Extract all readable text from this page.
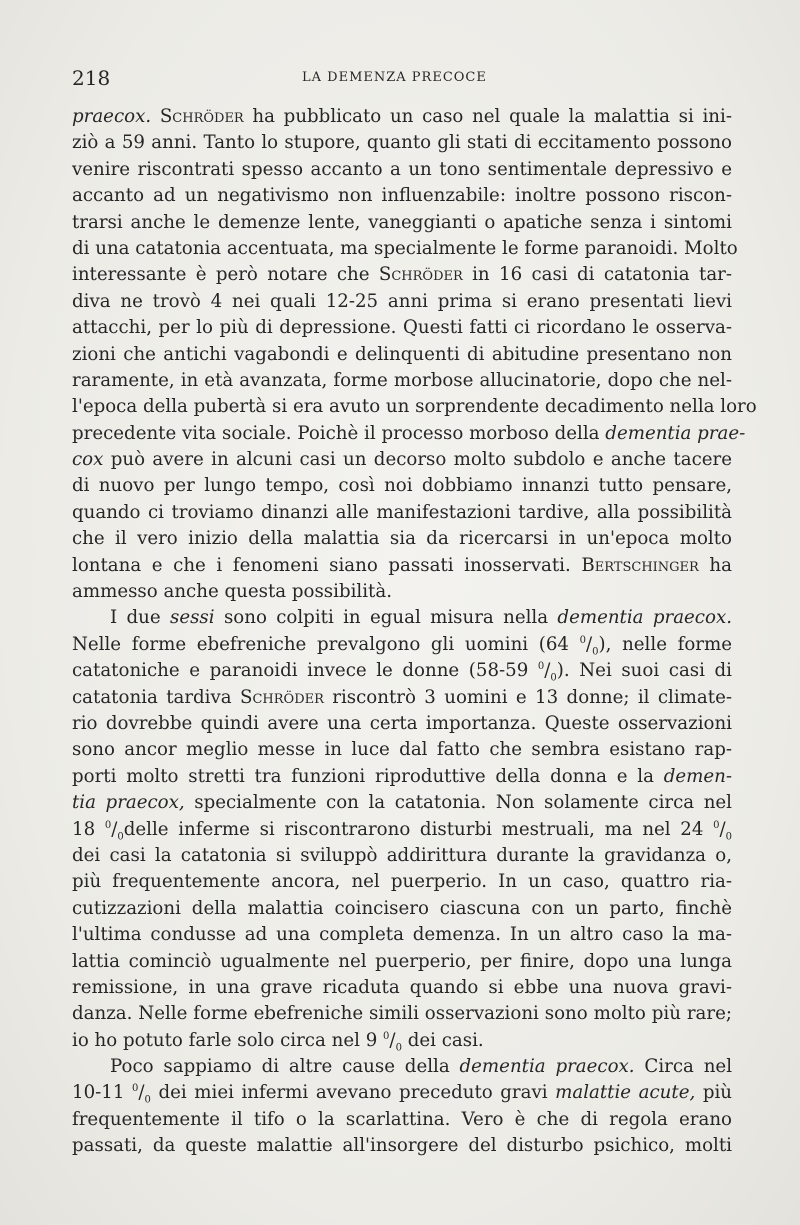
218	LA DEMENZA PRECOCE
praecox. Schröder ha pubblicato un caso nel quale la malattia si ini-
ziò a 59 anni. Tanto lo stupore, quanto gli stati di eccitamento possono
venire riscontrati spesso accanto a un tono sentimentale depressivo e
accanto ad un negativismo non influenzabile: inoltre possono riscon-
trarsi anche le demenze lente, vaneggianti o apatiche senza i sintomi
di una catatonia accentuata, ma specialmente le forme paranoidi. Molto
interessante è però notare che Schröder in 16 casi di catatonia tar-
diva ne trovò 4 nei quali 12-25 anni prima si erano presentati lievi
attacchi, per lo più di depressione. Questi fatti ci ricordano le osserva-
zioni che antichi vagabondi e delinquenti di abitudine presentano non
raramente, in età avanzata, forme morbose allucinatorie, dopo che nel-
l'epoca della pubertà si era avuto un sorprendente decadimento nella loro
precedente vita sociale. Poichè il processo morboso della dementia prae-
cox può avere in alcuni casi un decorso molto subdolo e anche tacere
di nuovo per lungo tempo, così noi dobbiamo innanzi tutto pensare,
quando ci troviamo dinanzi alle manifestazioni tardive, alla possibilità
che il vero inizio della malattia sia da ricercarsi in un'epoca molto
lontana e che i fenomeni siano passati inosservati. Bertschinger ha
ammesso anche questa possibilità.
I due sessi sono colpiti in egual misura nella dementia praecox.
Nelle forme ebefreniche prevalgono gli uomini (64 $^0/_0$), nelle forme
catatoniche e paranoidi invece le donne (58-59 $^0/_0$). Nei suoi casi di
catatonia tardiva Schröder riscontrò 3 uomini e 13 donne; il climate-
rio dovrebbe quindi avere una certa importanza. Queste osservazioni
sono ancor meglio messe in luce dal fatto che sembra esistano rap-
porti molto stretti tra funzioni riproduttive della donna e la demen-
tia praecox, specialmente con la catatonia. Non solamente circa nel
18 $^0/_0delle$ inferme si riscontrarono disturbi mestruali, ma nel 24 $^0/_0$
dei casi la catatonia si sviluppò addirittura durante la gravidanza o,
più frequentemente ancora, nel puerperio. In un caso, quattro ria-
cutizzazioni della malattia coincisero ciascuna con un parto, finchè
l'ultima condusse ad una completa demenza. In un altro caso la ma-
lattia cominciò ugualmente nel puerperio, per finire, dopo una lunga
remissione, in una grave ricaduta quando si ebbe una nuova gravi-
danza. Nelle forme ebefreniche simili osservazioni sono molto più rare;
io ho potuto farle solo circa nel 9 $^0/_0$ dei casi.
Poco sappiamo di altre cause della dementia praecox. Circa nel
10-11 $^0/_0$ dei miei infermi avevano preceduto gravi malattie acute, più
frequentemente il tifo o la scarlattina. Vero è che di regola erano
passati, da queste malattie all'insorgere del disturbo psichico, molti
